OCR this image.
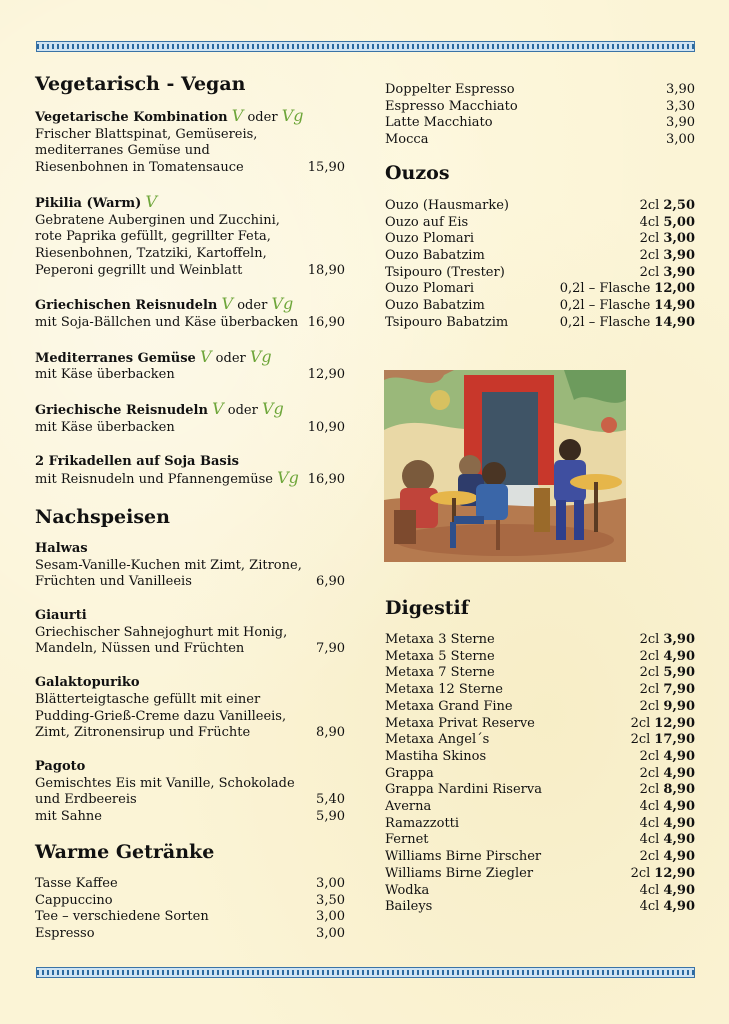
Vegetarisch - Vegan
Vegetarische Kombination V oder Vg
Frischer Blattspinat, Gemüsereis,
mediterranes Gemüse und
Riesenbohnen in Tomatensauce	15,90
Pikilia (Warm) V
Gebratene Auberginen und Zucchini,
rote Paprika gefüllt, gegrillter Feta,
Riesenbohnen, Tzatziki, Kartoffeln,
Peperoni gegrillt und Weinblatt	18,90
Griechischen Reisnudeln V oder Vg
mit Soja-Bällchen und Käse überbacken 16,90
Mediterranes Gemüse V oder Vg
mit Käse überbacken	12,90
Griechische Reisnudeln V oder Vg
mit Käse überbacken	10,90
2 Frikadellen auf Soja Basis
mit Reisnudeln und Pfannengemüse Vg 16,90
Nachspeisen
Halwas
Sesam-Vanille-Kuchen mit Zimt, Zitrone,
Früchten und Vanilleeis	6,90
Giaurti
Griechischer Sahnejoghurt mit Honig,
Mandeln, Nüssen und Früchten	7,90
Galaktopuriko
Blätterteigtasche gefüllt mit einer
Pudding-Grieß-Creme dazu Vanilleeis,
Zimt, Zitronensirup und Früchte	8,90
Pagoto
Gemischtes Eis mit Vanille, Schokolade
und Erdbeereis	5,40
mit Sahne	5,90
Warme Getränke
Tasse Kaffee	3,00
Cappuccino	3,50
Tee – verschiedene Sorten	3,00
Espresso	3,00
Doppelter Espresso	3,90
Espresso Macchiato	3,30
Latte Macchiato	3,90
Mocca	3,00
Ouzos
Ouzo (Hausmarke)	2cl 2,50
Ouzo auf Eis	4cl 5,00
Ouzo Plomari	2cl 3,00
Ouzo Babatzim	2cl 3,90
Tsipouro (Trester)	2cl 3,90
Ouzo Plomari	0,2l – Flasche 12,00
Ouzo Babatzim	0,2l – Flasche 14,90
Tsipouro Babatzim	0,2l – Flasche 14,90
Digestif
Metaxa 3 Sterne	2cl 3,90
Metaxa 5 Sterne	2cl 4,90
Metaxa 7 Sterne	2cl 5,90
Metaxa 12 Sterne	2cl 7,90
Metaxa Grand Fine	2cl 9,90
Metaxa Privat Reserve	2cl 12,90
Metaxa Angel´s	2cl 17,90
Mastiha Skinos	2cl 4,90
Grappa	2cl 4,90
Grappa Nardini Riserva	2cl 8,90
Averna	4cl 4,90
Ramazzotti	4cl 4,90
Fernet	4cl 4,90
Williams Birne Pirscher	2cl 4,90
Williams Birne Ziegler	2cl 12,90
Wodka	4cl 4,90
Baileys	4cl 4,90
